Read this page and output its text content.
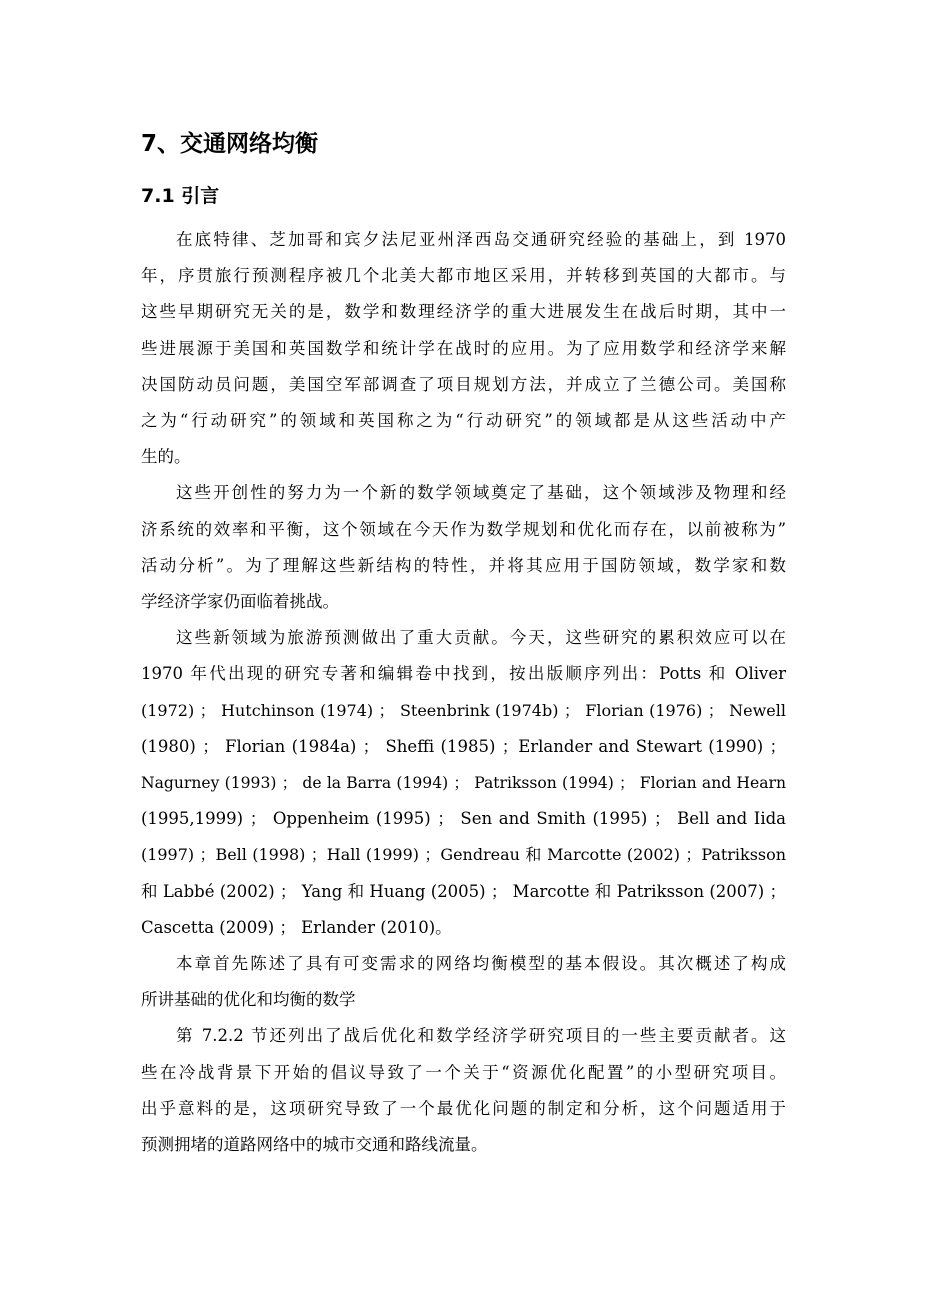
7、交通网络均衡
7.1 引言
在底特律、芝加哥和宾夕法尼亚州泽西岛交通研究经验的基础上，到 1970
年，序贯旅行预测程序被几个北美大都市地区采用，并转移到英国的大都市。与
这些早期研究无关的是，数学和数理经济学的重大进展发生在战后时期，其中一
些进展源于美国和英国数学和统计学在战时的应用。为了应用数学和经济学来解
决国防动员问题，美国空军部调查了项目规划方法，并成立了兰德公司。美国称
之为“行动研究”的领域和英国称之为“行动研究”的领域都是从这些活动中产
生的。
这些开创性的努力为一个新的数学领域奠定了基础，这个领域涉及物理和经
济系统的效率和平衡，这个领域在今天作为数学规划和优化而存在，以前被称为”
活动分析”。为了理解这些新结构的特性，并将其应用于国防领域，数学家和数
学经济学家仍面临着挑战。
这些新领域为旅游预测做出了重大贡献。今天，这些研究的累积效应可以在
1970 年代出现的研究专著和编辑卷中找到，按出版顺序列出：Potts 和 Oliver
(1972) ； Hutchinson (1974) ； Steenbrink (1974b) ； Florian (1976) ； Newell
(1980) ； Florian (1984a) ； Sheffi (1985) ；Erlander and Stewart (1990) ；
Nagurney (1993) ； de la Barra (1994) ； Patriksson (1994) ； Florian and Hearn
(1995,1999) ； Oppenheim (1995) ； Sen and Smith (1995) ； Bell and Iida
(1997) ；Bell (1998) ；Hall (1999) ；Gendreau 和 Marcotte (2002) ；Patriksson
和 Labbé (2002) ； Yang 和 Huang (2005) ； Marcotte 和 Patriksson (2007) ；
Cascetta (2009) ； Erlander (2010)。
本章首先陈述了具有可变需求的网络均衡模型的基本假设。其次概述了构成
所讲基础的优化和均衡的数学
第 7.2.2 节还列出了战后优化和数学经济学研究项目的一些主要贡献者。这
些在冷战背景下开始的倡议导致了一个关于“资源优化配置”的小型研究项目。
出乎意料的是，这项研究导致了一个最优化问题的制定和分析，这个问题适用于
预测拥堵的道路网络中的城市交通和路线流量。
